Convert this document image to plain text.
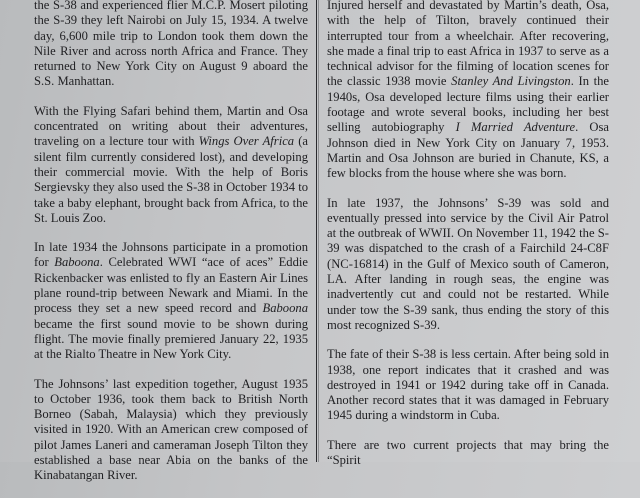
the S-38 and experienced flier M.C.P. Mosert piloting the S-39 they left Nairobi on July 15, 1934. A twelve day, 6,600 mile trip to London took them down the Nile River and across north Africa and France. They returned to New York City on August 9 aboard the S.S. Manhattan.

With the Flying Safari behind them, Martin and Osa concentrated on writing about their adventures, traveling on a lecture tour with Wings Over Africa (a silent film currently considered lost), and developing their commercial movie. With the help of Boris Sergievsky they also used the S-38 in October 1934 to take a baby elephant, brought back from Africa, to the St. Louis Zoo.

In late 1934 the Johnsons participate in a promotion for Baboona. Celebrated WWI “ace of aces” Eddie Rickenbacker was enlisted to fly an Eastern Air Lines plane round-trip between Newark and Miami. In the process they set a new speed record and Baboona became the first sound movie to be shown during flight. The movie finally premiered January 22, 1935 at the Rialto Theatre in New York City.

The Johnsons’ last expedition together, August 1935 to October 1936, took them back to British North Borneo (Sabah, Malaysia) which they previously visited in 1920. With an American crew composed of pilot James Laneri and cameraman Joseph Tilton they established a base near Abia on the banks of the Kinabatangan River.

Injured herself and devastated by Martin’s death, Osa, with the help of Tilton, bravely continued their interrupted tour from a wheelchair. After recovering, she made a final trip to east Africa in 1937 to serve as a technical advisor for the filming of location scenes for the classic 1938 movie Stanley And Livingston. In the 1940s, Osa developed lecture films using their earlier footage and wrote several books, including her best selling autobiography I Married Adventure. Osa Johnson died in New York City on January 7, 1953. Martin and Osa Johnson are buried in Chanute, KS, a few blocks from the house where she was born.

In late 1937, the Johnsons’ S-39 was sold and eventually pressed into service by the Civil Air Patrol at the outbreak of WWII. On November 11, 1942 the S-39 was dispatched to the crash of a Fairchild 24-C8F (NC-16814) in the Gulf of Mexico south of Cameron, LA. After landing in rough seas, the engine was inadvertently cut and could not be restarted. While under tow the S-39 sank, thus ending the story of this most recognized S-39.

The fate of their S-38 is less certain. After being sold in 1938, one report indicates that it crashed and was destroyed in 1941 or 1942 during take off in Canada. Another record states that it was damaged in February 1945 during a windstorm in Cuba.

There are two current projects that may bring the “Spirit
